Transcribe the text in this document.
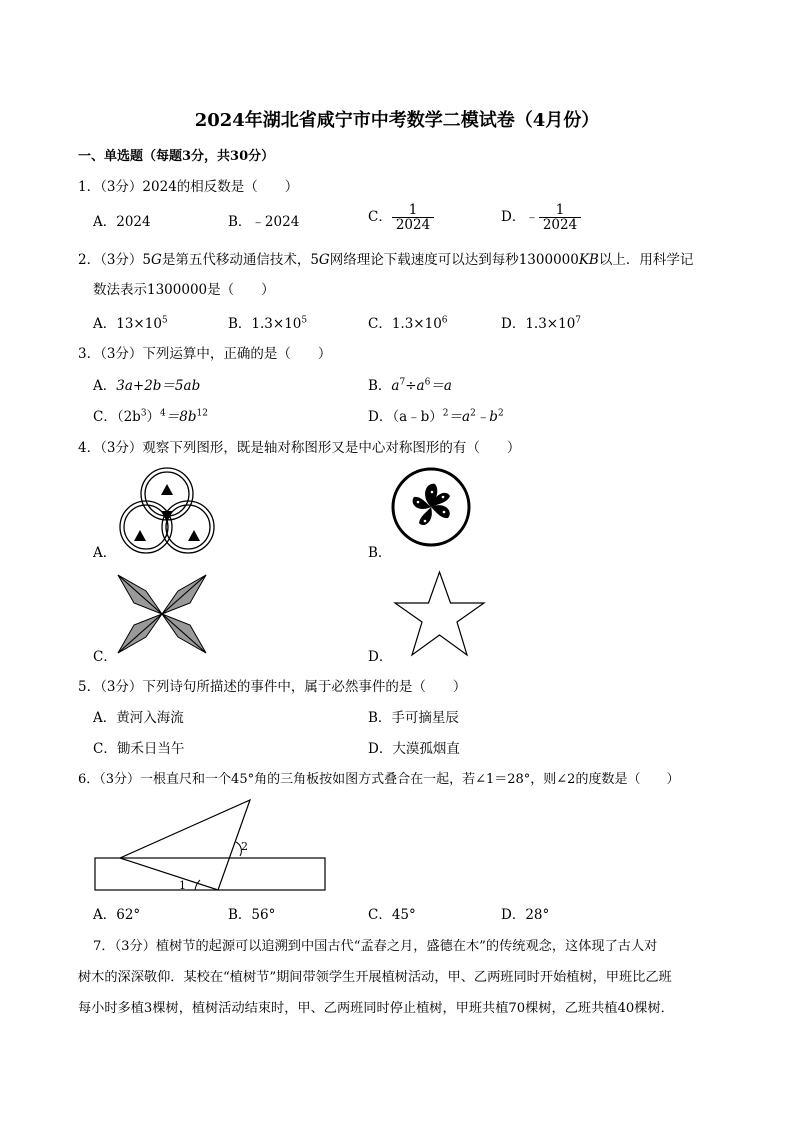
2024年湖北省咸宁市中考数学二模试卷（4月份）
一、单选题（每题3分，共30分）
1．（3分）2024的相反数是（　　）
A．2024	B．﹣2024	C． $\frac{1}{2024}$	D．﹣ $\frac{1}{2024}$
2．（3分）5G是第五代移动通信技术，5G网络理论下载速度可以达到每秒1300000KB以上．用科学记
数法表示1300000是（　　）
A．$13\times 10^5$	B．$1.3\times 10^5$	C．$1.3\times 10^6$	D．$1.3\times 10^7$
3．（3分）下列运算中，正确的是（　　）
A．3a+2b＝5ab	B．$a^7\div a^6=a$
C．$(2b^3)^4=8b^{12}$	D．$(a﹣b)^2=a^2﹣b^2$
4．（3分）观察下列图形，既是轴对称图形又是中心对称图形的有（　　）
A．	B．
C．	D．
5．（3分）下列诗句所描述的事件中，属于必然事件的是（　　）
A．黄河入海流	B．手可摘星辰
C．锄禾日当午	D．大漠孤烟直
6．（3分）一根直尺和一个45°角的三角板按如图方式叠合在一起，若∠1＝28°，则∠2的度数是（　　）
1
2
A．62°	B．56°	C．45°	D．28°
7．（3分）植树节的起源可以追溯到中国古代“孟春之月，盛德在木”的传统观念，这体现了古人对
树木的深深敬仰．某校在“植树节”期间带领学生开展植树活动，甲、乙两班同时开始植树，甲班比乙班
每小时多植3棵树，植树活动结束时，甲、乙两班同时停止植树，甲班共植70棵树，乙班共植40棵树．
